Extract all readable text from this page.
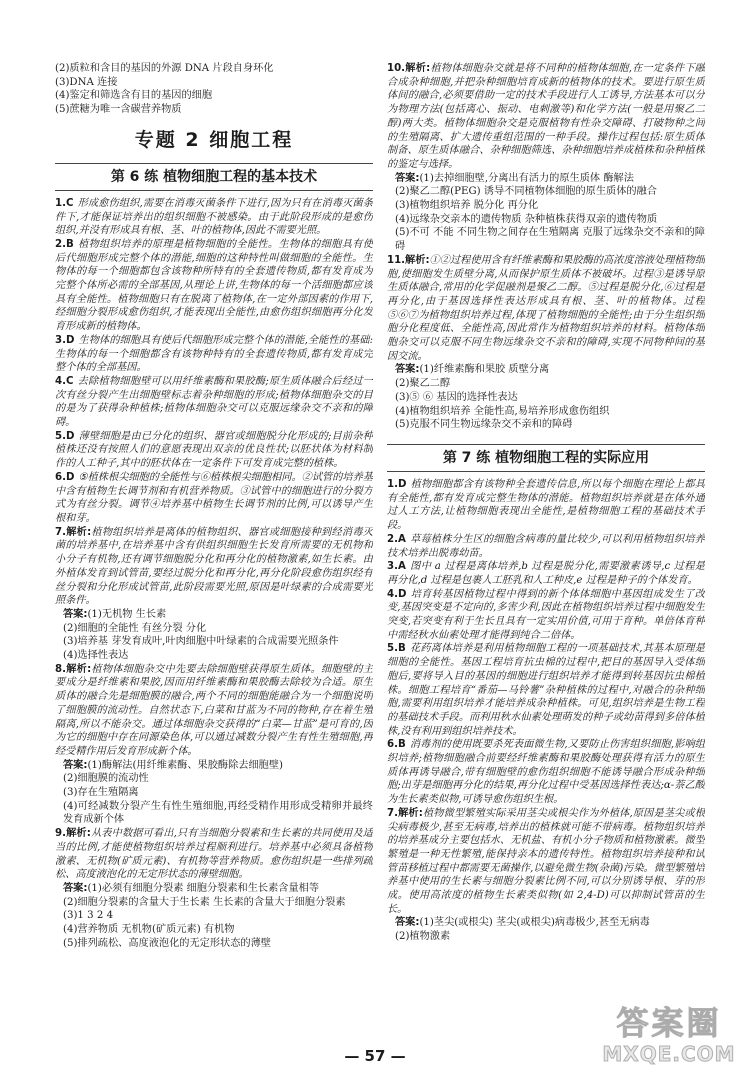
(2)质粒和含目的基因的外源 DNA 片段自身环化

(3)DNA 连接

(4)鉴定和筛选含有目的基因的细胞

(5)蔗糖为唯一含碳营养物质

专题 2 细胞工程
第 6 练 植物细胞工程的基本技术

1.C 形成愈伤组织,需要在消毒灭菌条件下进行,因为只有在消毒灭菌条件下,才能保证培养出的组织细胞不被感染。由于此阶段形成的是愈伤组织,并没有形成具有根、茎、叶的植物体,因此不需要光照。

2.B 植物组织培养的原理是植物细胞的全能性。生物体的细胞具有使后代细胞形成完整个体的潜能,细胞的这种特性叫做细胞的全能性。生物体的每一个细胞都包含该物种所特有的全套遗传物质,都有发育成为完整个体所必需的全部基因,从理论上讲,生物体的每一个活细胞都应该具有全能性。植物细胞只有在脱离了植物体,在一定外部因素的作用下,经细胞分裂形成愈伤组织,才能表现出全能性,由愈伤组织细胞再分化发育形成新的植物体。

3.D 生物体的细胞具有使后代细胞形成完整个体的潜能,全能性的基础:生物体的每一个细胞都含有该物种特有的全套遗传物质,都有发育成完整个体的全部基因。

4.C 去除植物细胞壁可以用纤维素酶和果胶酶;原生质体融合后经过一次有丝分裂产生出细胞壁标志着杂种细胞的形成;植物体细胞杂交的目的是为了获得杂种植株;植物体细胞杂交可以克服远缘杂交不亲和的障碍。

5.D 薄壁细胞是由已分化的组织、器官或细胞脱分化形成的;目前杂种植株还没有按照人们的意愿表现出双亲的优良性状;以胚状体为材料制作的人工种子,其中的胚状体在一定条件下可发育成完整的植株。

6.D ⑤植株根尖细胞的全能性与⑥植株根尖细胞相同。②试管的培养基中含有植物生长调节剂和有机营养物质。③试管中的细胞进行的分裂方式为有丝分裂。调节④培养基中植物生长调节剂的比例,可以诱导产生根和芽。

7.解析:植物组织培养是离体的植物组织、器官或细胞接种到经消毒灭菌的培养基中,在培养基中含有供组织细胞生长发育所需要的无机物和小分子有机物,还有调节细胞脱分化和再分化的植物激素,如生长素。由外植体发育到试管苗,要经过脱分化和再分化,再分化阶段愈伤组织经有丝分裂和分化形成试管苗,此阶段需要光照,原因是叶绿素的合成需要光照条件。

答案:(1)无机物 生长素
(2)细胞的全能性 有丝分裂 分化
(3)培养基 芽发育成叶,叶肉细胞中叶绿素的合成需要光照条件
(4)选择性表达

8.解析:植物体细胞杂交中先要去除细胞壁获得原生质体。细胞壁的主要成分是纤维素和果胶,因而用纤维素酶和果胶酶去除较为合适。原生质体的融合先是细胞膜的融合,两个不同的细胞能融合为一个细胞说明了细胞膜的流动性。自然状态下,白菜和甘蓝为不同的物种,存在着生殖隔离,所以不能杂交。通过体细胞杂交获得的“白菜—甘蓝”是可育的,因为它的细胞中存在同源染色体,可以通过减数分裂产生有性生殖细胞,再经受精作用后发育形成新个体。

答案:(1)酶解法(用纤维素酶、果胶酶除去细胞壁)
(2)细胞膜的流动性
(3)存在生殖隔离
(4)可经减数分裂产生有性生殖细胞,再经受精作用形成受精卵并最终发育成新个体

9.解析:从表中数据可看出,只有当细胞分裂素和生长素的共同使用及适当的比例,才能使植物组织培养过程顺利进行。培养基中必须具备植物激素、无机物(矿质元素)、有机物等营养物质。愈伤组织是一些排列疏松、高度液泡化的无定形状态的薄壁细胞。

答案:(1)必须有细胞分裂素 细胞分裂素和生长素含量相等
(2)细胞分裂素的含量大于生长素 生长素的含量大于细胞分裂素
(3)1 3 2 4
(4)营养物质 无机物(矿质元素) 有机物
(5)排列疏松、高度液泡化的无定形状态的薄壁

10.解析:植物体细胞杂交就是将不同种的植物体细胞,在一定条件下融合成杂种细胞,并把杂种细胞培育成新的植物体的技术。要进行原生质体间的融合,必须要借助一定的技术手段进行人工诱导,方法基本可以分为物理方法(包括离心、振动、电刺激等)和化学方法(一般是用聚乙二醇)两大类。植物体细胞杂交是克服植物有性杂交障碍、打破物种之间的生殖隔离、扩大遗传重组范围的一种手段。操作过程包括:原生质体制备、原生质体融合、杂种细胞筛选、杂种细胞培养成植株和杂种植株的鉴定与选择。

答案:(1)去掉细胞壁,分离出有活力的原生质体 酶解法
(2)聚乙二醇(PEG) 诱导不同植物体细胞的原生质体的融合
(3)植物组织培养 脱分化 再分化
(4)远缘杂交亲本的遗传物质 杂种植株获得双亲的遗传物质
(5)不可 不能 不同生物之间存在生殖隔离 克服了远缘杂交不亲和的障碍

11.解析:①②过程使用含有纤维素酶和果胶酶的高浓度溶液处理植物细胞,使细胞发生质壁分离,从而保护原生质体不被破坏。过程③是诱导原生质体融合,常用的化学促融剂是聚乙二醇。⑤过程是脱分化,⑥过程是再分化,由于基因选择性表达形成具有根、茎、叶的植物体。过程⑤⑥⑦为植物组织培养过程,体现了植物细胞的全能性;由于分生组织细胞分化程度低、全能性高,因此常作为植物组织培养的材料。植物体细胞杂交可以克服不同生物远缘杂交不亲和的障碍,实现不同物种间的基因交流。

答案:(1)纤维素酶和果胶 质壁分离
(2)聚乙二醇
(3)⑤ ⑥ 基因的选择性表达
(4)植物组织培养 全能性高,易培养形成愈伤组织
(5)克服不同生物远缘杂交不亲和的障碍
第 7 练 植物细胞工程的实际应用

1.D 植物细胞都含有该物种全套遗传信息,所以每个细胞在理论上都具有全能性,都有发育成完整生物体的潜能。植物组织培养就是在体外通过人工方法,让植物细胞表现出全能性,是植物细胞工程的基础技术手段。

2.A 草莓植株分生区的细胞含病毒的量比较少,可以利用植物组织培养技术培养出脱毒幼苗。

3.A 图中 a 过程是离体培养,b 过程是脱分化,需要激素诱导,c 过程是再分化,d 过程是包裹人工胚乳和人工种皮,e 过程是种子的个体发育。

4.D 培育转基因植物过程中得到的新个体体细胞中基因组成发生了改变,基因突变是不定向的,多害少利,因此在植物组织培养过程中细胞发生突变,若突变有利于生长且具有一定实用价值,可用于育种。单倍体育种中需经秋水仙素处理才能得到纯合二倍体。

5.B 花药离体培养是利用植物细胞工程的一项基础技术,其基本原理是细胞的全能性。基因工程培育抗虫棉的过程中,把目的基因导入受体细胞后,要将导入目的基因的细胞进行组织培养才能得到转基因抗虫棉植株。细胞工程培育“番茄—马铃薯”杂种植株的过程中,对融合的杂种细胞,需要利用组织培养才能培养成杂种植株。可见,组织培养是生物工程的基础技术手段。而利用秋水仙素处理萌发的种子或幼苗得到多倍体植株,没有利用到组织培养技术。

6.B 消毒剂的使用既要杀死表面微生物,又要防止伤害组织细胞,影响组织培养;植物细胞融合前要经纤维素酶和果胶酶处理获得有活力的原生质体再诱导融合,带有细胞壁的愈伤组织细胞不能诱导融合形成杂种细胞;出芽是细胞再分化的结果,再分化过程中受基因选择性表达;α-萘乙酸为生长素类似物,可诱导愈伤组织生根。

7.解析:植物微型繁殖实际采用茎尖或根尖作为外植体,原因是茎尖或根尖病毒极少,甚至无病毒,培养出的植株就可能不带病毒。植物组织培养的培养基成分主要包括水、无机盐、有机小分子物质和植物激素。微型繁殖是一种无性繁殖,能保持亲本的遗传特性。植物组织培养接种和试管苗移植过程中都需要无菌操作,以避免微生物(杂菌)污染。微型繁殖培养基中使用的生长素与细胞分裂素比例不同,可以分别诱导根、芽的形成。使用高浓度的植物生长素类似物(如 2,4-D)可以抑制试管苗的生长。

答案:(1)茎尖(或根尖) 茎尖(或根尖)病毒极少,甚至无病毒
(2)植物激素
— 57 —
答案圈
MXQE.COM
